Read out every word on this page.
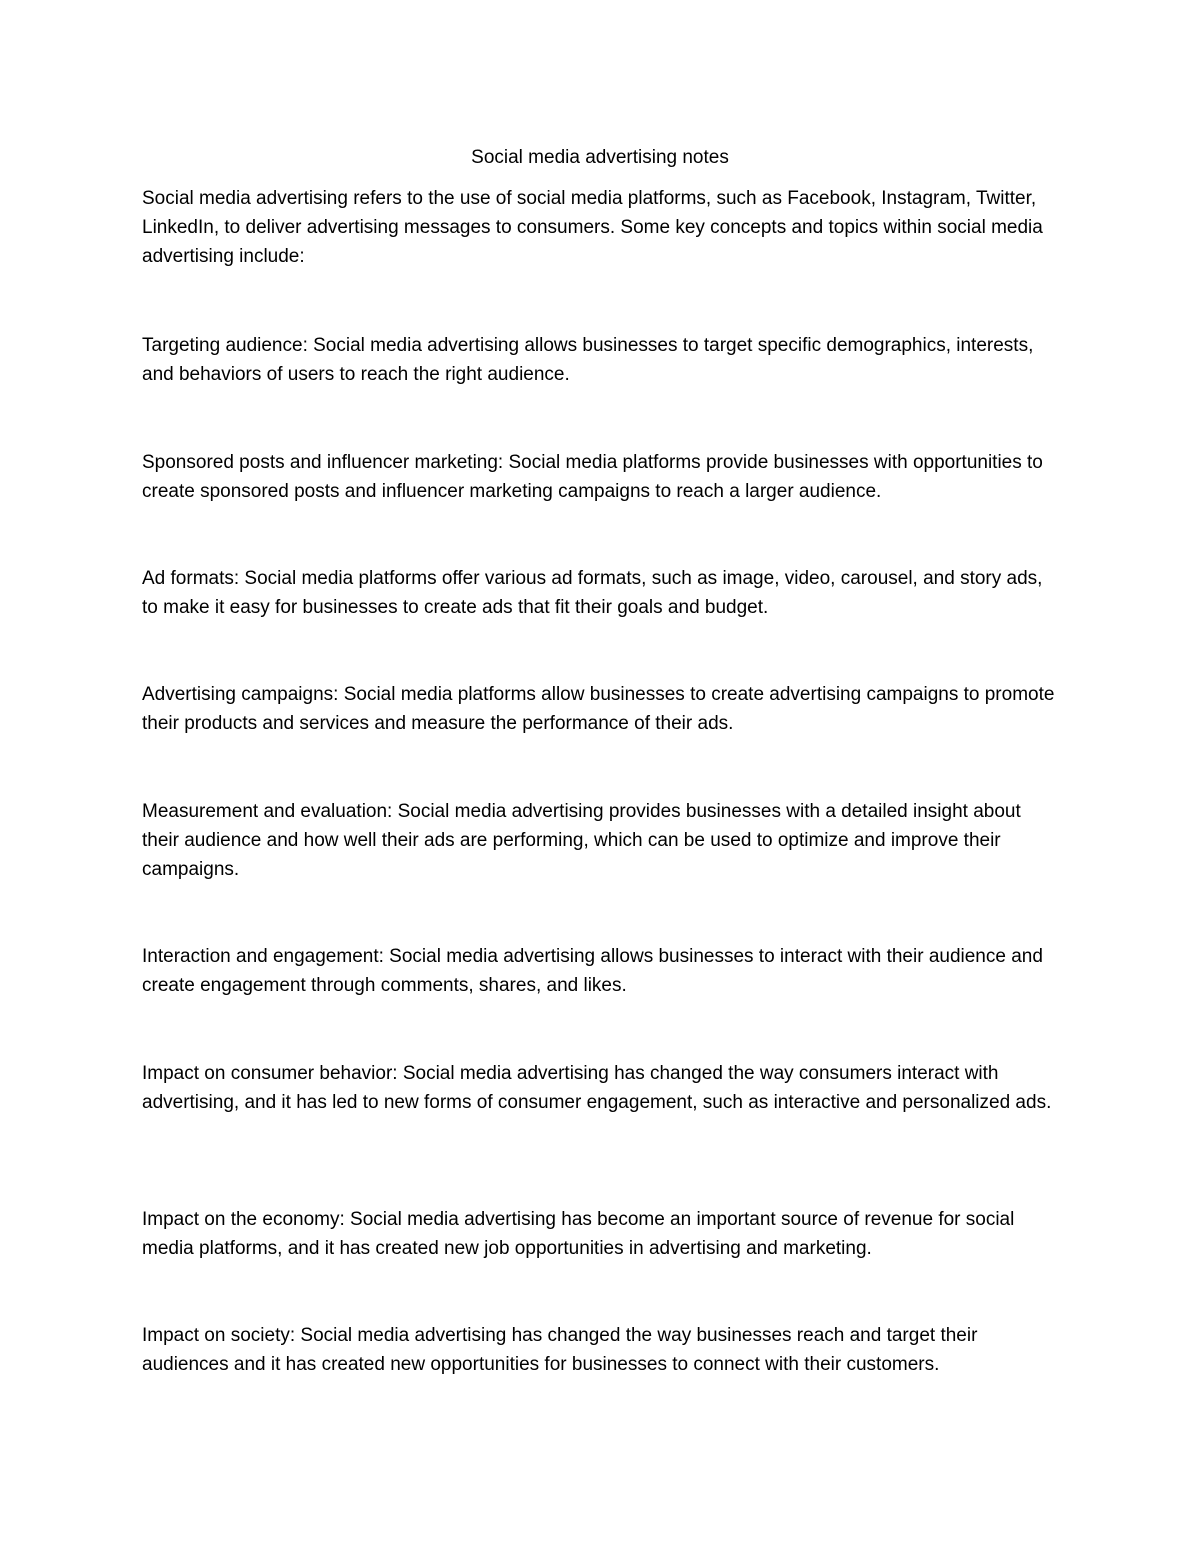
Social media advertising notes

Social media advertising refers to the use of social media platforms, such as Facebook, Instagram, Twitter, LinkedIn, to deliver advertising messages to consumers. Some key concepts and topics within social media advertising include:

Targeting audience: Social media advertising allows businesses to target specific demographics, interests, and behaviors of users to reach the right audience.

Sponsored posts and influencer marketing: Social media platforms provide businesses with opportunities to create sponsored posts and influencer marketing campaigns to reach a larger audience.

Ad formats: Social media platforms offer various ad formats, such as image, video, carousel, and story ads, to make it easy for businesses to create ads that fit their goals and budget.

Advertising campaigns: Social media platforms allow businesses to create advertising campaigns to promote their products and services and measure the performance of their ads.

Measurement and evaluation: Social media advertising provides businesses with a detailed insight about their audience and how well their ads are performing, which can be used to optimize and improve their campaigns.

Interaction and engagement: Social media advertising allows businesses to interact with their audience and create engagement through comments, shares, and likes.

Impact on consumer behavior: Social media advertising has changed the way consumers interact with advertising, and it has led to new forms of consumer engagement, such as interactive and personalized ads.

Impact on the economy: Social media advertising has become an important source of revenue for social media platforms, and it has created new job opportunities in advertising and marketing.

Impact on society: Social media advertising has changed the way businesses reach and target their audiences and it has created new opportunities for businesses to connect with their customers.
